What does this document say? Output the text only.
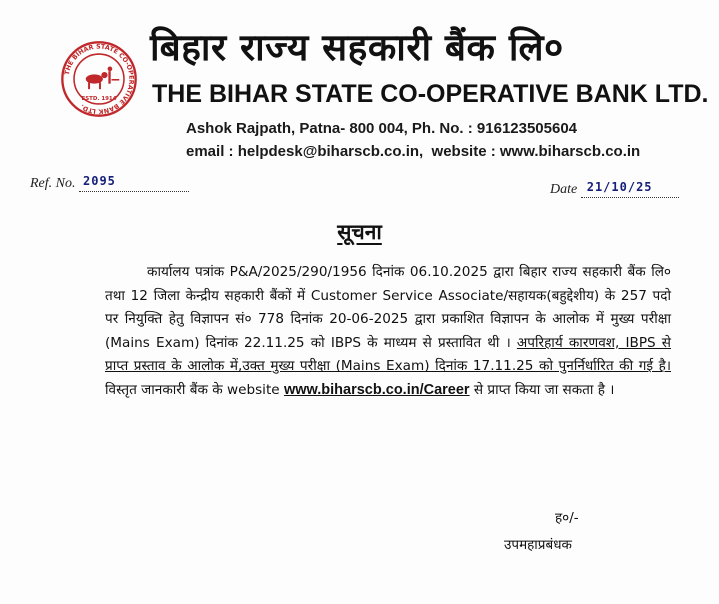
THE BIHAR STATE CO-OPERATIVE BANK LTD.
ESTD. 1914
बिहार राज्य सहकारी बैंक लि०
THE BIHAR STATE CO-OPERATIVE BANK LTD.
Ashok Rajpath, Patna- 800 004, Ph. No. : 916123505604
email : helpdesk@biharscb.co.in,  website : www.biharscb.co.in
Ref. No. 2095
Date 21/10/25
सूचना

कार्यालय पत्रांक P&A/2025/290/1956 दिनांक 06.10.2025 द्वारा बिहार राज्य सहकारी बैंक लि० तथा 12 जिला केन्द्रीय सहकारी बैंकों में Customer Service Associate/सहायक(बहुद्देशीय) के 257 पदो पर नियुक्ति हेतु विज्ञापन सं० 778 दिनांक 20-06-2025 द्वारा प्रकाशित विज्ञापन के आलोक में मुख्य परीक्षा (Mains Exam) दिनांक 22.11.25 को IBPS के माध्यम से प्रस्तावित थी । अपरिहार्य कारणवश, IBPS से प्राप्त प्रस्ताव के आलोक में,उक्त मुख्य परीक्षा (Mains Exam) दिनांक 17.11.25 को पुनर्निर्धारित की गई है।  विस्तृत जानकारी बैंक के website www.biharscb.co.in/Career से प्राप्त किया जा सकता है ।

ह०/-
उपमहाप्रबंधक
